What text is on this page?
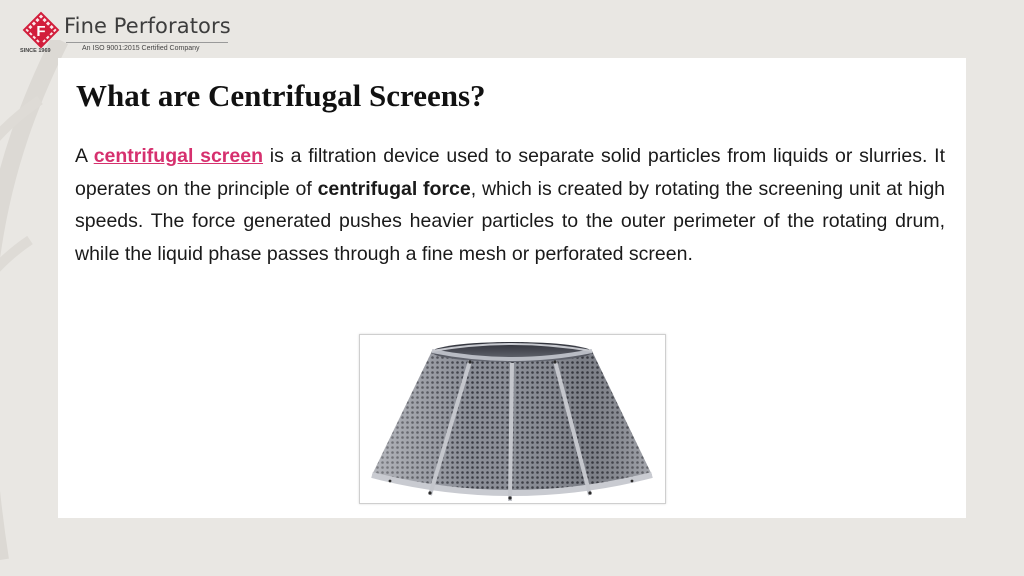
F
SINCE 1969
Fine Perforators
An ISO 9001:2015 Certified Company
What are Centrifugal Screens?

A centrifugal screen is a filtration device used to separate solid particles from liquids or slurries. It operates on the principle of centrifugal force, which is created by rotating the screening unit at high speeds. The force generated pushes heavier particles to the outer perimeter of the rotating drum, while the liquid phase passes through a fine mesh or perforated screen.
